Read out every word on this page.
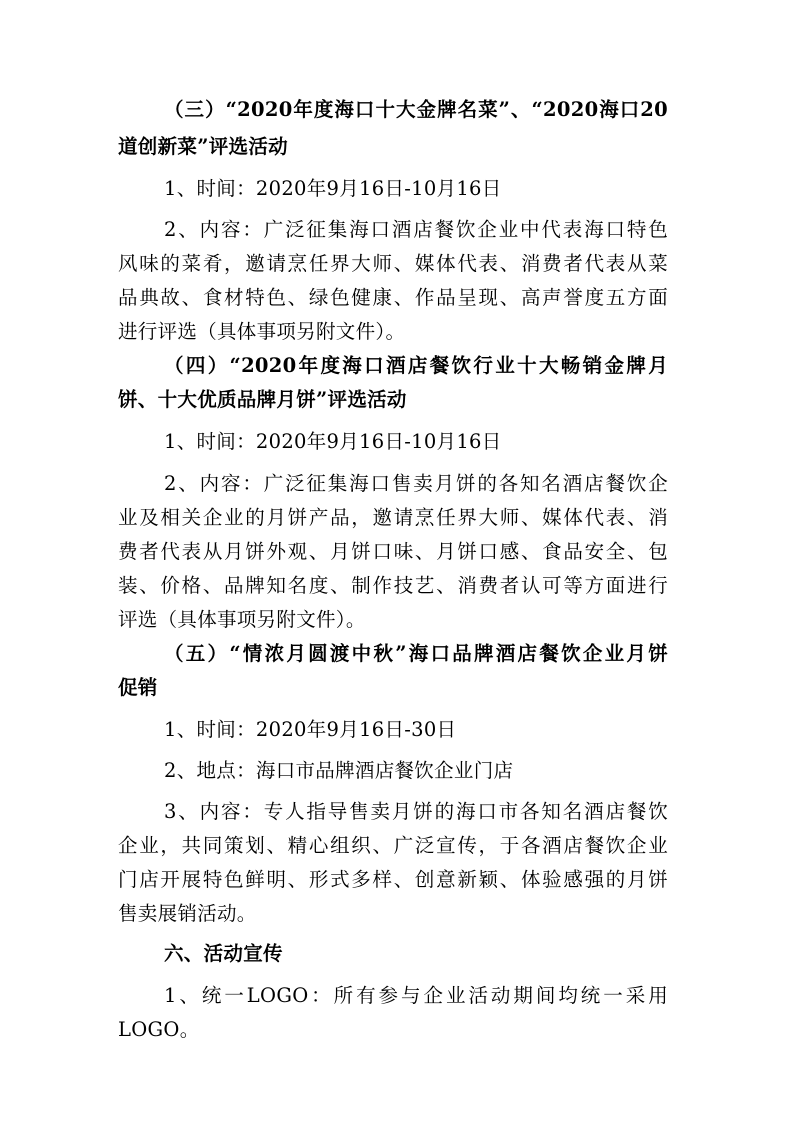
（三）“2020年度海口十大金牌名菜”、“2020海口20
道创新菜”评选活动
1、时间：2020年9月16日-10月16日
2、内容：广泛征集海口酒店餐饮企业中代表海口特色
风味的菜肴，邀请烹任界大师、媒体代表、消费者代表从菜
品典故、食材特色、绿色健康、作品呈现、高声誉度五方面
进行评选（具体事项另附文件）。
（四）“2020年度海口酒店餐饮行业十大畅销金牌月
饼、十大优质品牌月饼”评选活动
1、时间：2020年9月16日-10月16日
2、内容：广泛征集海口售卖月饼的各知名酒店餐饮企
业及相关企业的月饼产品，邀请烹任界大师、媒体代表、消
费者代表从月饼外观、月饼口味、月饼口感、食品安全、包
装、价格、品牌知名度、制作技艺、消费者认可等方面进行
评选（具体事项另附文件）。
（五）“情浓月圆渡中秋”海口品牌酒店餐饮企业月饼
促销
1、时间：2020年9月16日-30日
2、地点：海口市品牌酒店餐饮企业门店
3、内容：专人指导售卖月饼的海口市各知名酒店餐饮
企业，共同策划、精心组织、广泛宣传，于各酒店餐饮企业
门店开展特色鲜明、形式多样、创意新颖、体验感强的月饼
售卖展销活动。
六、活动宣传
1、统一LOGO：所有参与企业活动期间均统一采用
LOGO。
